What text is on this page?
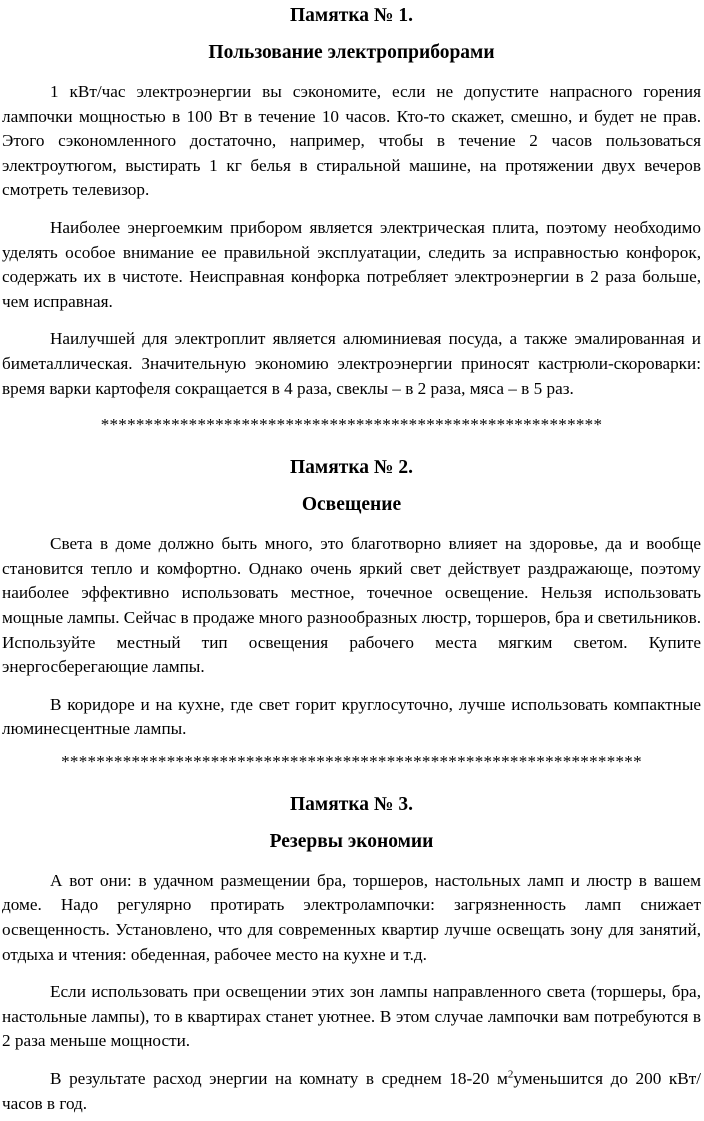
Памятка № 1.
Пользование электроприборами

1 кВт/час электроэнергии вы сэкономите, если не допустите напрасного горения лампочки мощностью в 100 Вт в течение 10 часов. Кто-то скажет, смешно, и будет не прав. Этого сэкономленного достаточно, например, чтобы в течение 2 часов пользоваться электроутюгом, выстирать 1 кг белья в стиральной машине, на протяжении двух вечеров смотреть телевизор.

Наиболее энергоемким прибором является электрическая плита, поэтому необходимо уделять особое внимание ее правильной эксплуатации, следить за исправностью конфорок, содержать их в чистоте. Неисправная конфорка потребляет электроэнергии в 2 раза больше, чем исправная.

Наилучшей для электроплит является алюминиевая посуда, а также эмалированная и биметаллическая. Значительную экономию электроэнергии приносят кастрюли-скороварки: время варки картофеля сокращается в 4 раза, свеклы – в 2 раза, мяса – в 5 раз.

*********************************************************
Памятка № 2.
Освещение

Света в доме должно быть много, это благотворно влияет на здоровье, да и вообще становится тепло и комфортно. Однако очень яркий свет действует раздражающе, поэтому наиболее эффективно использовать местное, точечное освещение. Нельзя использовать мощные лампы. Сейчас в продаже много разнообразных люстр, торшеров, бра и светильников. Используйте местный тип освещения рабочего места мягким светом. Купите энергосберегающие лампы.

В коридоре и на кухне, где свет горит круглосуточно, лучше использовать компактные люминесцентные лампы.

******************************************************************
Памятка № 3.
Резервы экономии

А вот они: в удачном размещении бра, торшеров, настольных ламп и люстр в вашем доме. Надо регулярно протирать электролампочки: загрязненность ламп снижает освещенность. Установлено, что для современных квартир лучше освещать зону для занятий, отдыха и чтения: обеденная, рабочее место на кухне и т.д.

Если использовать при освещении этих зон лампы направленного света (торшеры, бра, настольные лампы), то в квартирах станет уютнее. В этом случае лампочки вам потребуются в 2 раза меньше мощности.

В результате расход энергии на комнату в среднем 18-20 $м^2уменьшится$ до 200 кВт/часов в год.
